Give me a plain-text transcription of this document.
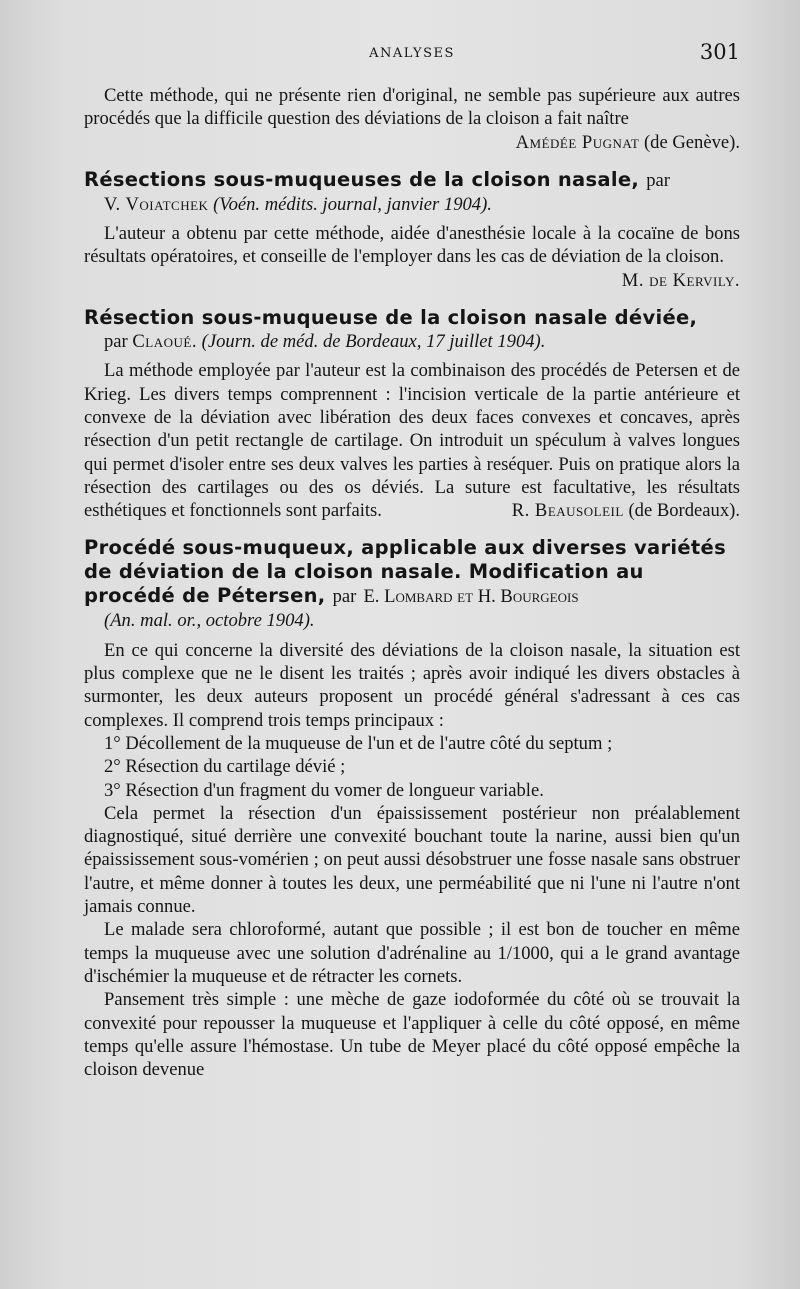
ANALYSES	301

Cette méthode, qui ne présente rien d'original, ne semble pas supérieure aux autres procédés que la difficile question des déviations de la cloison a fait naître
Amédée Pugnat (de Genève).

Résections sous-muqueuses de la cloison nasale, par

V. Voiatchek (Voén. médits. journal, janvier 1904).

L'auteur a obtenu par cette méthode, aidée d'anesthésie locale à la cocaïne de bons résultats opératoires, et conseille de l'employer dans les cas de déviation de la cloison.
M. de Kervily.

Résection sous-muqueuse de la cloison nasale déviée,

par Claoué. (Journ. de méd. de Bordeaux, 17 juillet 1904).

La méthode employée par l'auteur est la combinaison des procédés de Petersen et de Krieg. Les divers temps comprennent : l'incision verticale de la partie antérieure et convexe de la déviation avec libération des deux faces convexes et concaves, après résection d'un petit rectangle de cartilage. On introduit un spéculum à valves longues qui permet d'isoler entre ses deux valves les parties à reséquer. Puis on pratique alors la résection des cartilages ou des os déviés. La suture est facultative, les résultats esthétiques et fonctionnels sont parfaits.	R. Beausoleil (de Bordeaux).

Procédé sous-muqueux, applicable aux diverses variétés de déviation de la cloison nasale. Modification au procédé de Pétersen, par E. Lombard et H. Bourgeois

(An. mal. or., octobre 1904).

En ce qui concerne la diversité des déviations de la cloison nasale, la situation est plus complexe que ne le disent les traités ; après avoir indiqué les divers obstacles à surmonter, les deux auteurs proposent un procédé général s'adressant à ces cas complexes. Il comprend trois temps principaux :

1° Décollement de la muqueuse de l'un et de l'autre côté du septum ;

2° Résection du cartilage dévié ;

3° Résection d'un fragment du vomer de longueur variable.

Cela permet la résection d'un épaississement postérieur non préalablement diagnostiqué, situé derrière une convexité bouchant toute la narine, aussi bien qu'un épaississement sous-vomérien ; on peut aussi désobstruer une fosse nasale sans obstruer l'autre, et même donner à toutes les deux, une perméabilité que ni l'une ni l'autre n'ont jamais connue.

Le malade sera chloroformé, autant que possible ; il est bon de toucher en même temps la muqueuse avec une solution d'adrénaline au 1/1000, qui a le grand avantage d'ischémier la muqueuse et de rétracter les cornets.

Pansement très simple : une mèche de gaze iodoformée du côté où se trouvait la convexité pour repousser la muqueuse et l'appliquer à celle du côté opposé, en même temps qu'elle assure l'hémostase. Un tube de Meyer placé du côté opposé empêche la cloison devenue
